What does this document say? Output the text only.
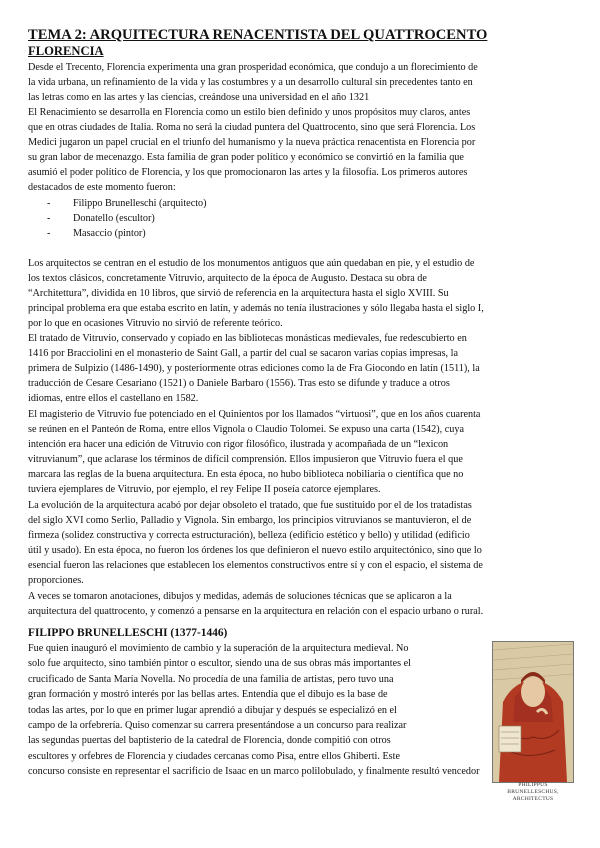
TEMA 2: ARQUITECTURA RENACENTISTA DEL QUATTROCENTO
FLORENCIA

Desde el Trecento, Florencia experimenta una gran prosperidad económica, que condujo a un florecimiento de

la vida urbana, un refinamiento de la vida y las costumbres y a un desarrollo cultural sin precedentes tanto en

las letras como en las artes y las ciencias, creándose una universidad en el año 1321

El Renacimiento se desarrolla en Florencia como un estilo bien definido y unos propósitos muy claros, antes

que en otras ciudades de Italia. Roma no será la ciudad puntera del Quattrocento, sino que será Florencia. Los

Medici jugaron un papel crucial en el triunfo del humanismo y la nueva práctica renacentista en Florencia por

su gran labor de mecenazgo. Esta familia de gran poder político y económico se convirtió en la familia que

asumió el poder político de Florencia, y los que promocionaron las artes y la filosofía. Los primeros autores

destacados de este momento fueron:

- Filippo Brunelleschi (arquitecto)
- Donatello (escultor)
- Masaccio (pintor)

Los arquitectos se centran en el estudio de los monumentos antiguos que aún quedaban en pie, y el estudio de

los textos clásicos, concretamente Vitruvio, arquitecto de la época de Augusto. Destaca su obra de

“Architettura”, dividida en 10 libros, que sirvió de referencia en la arquitectura hasta el siglo XVIII. Su

principal problema era que estaba escrito en latín, y además no tenía ilustraciones y sólo llegaba hasta el siglo I,

por lo que en ocasiones Vitruvio no sirvió de referente teórico.

El tratado de Vitruvio, conservado y copiado en las bibliotecas monásticas medievales, fue redescubierto en

1416 por Bracciolini en el monasterio de Saint Gall, a partir del cual se sacaron varias copias impresas, la

primera de Sulpizio (1486-1490), y posteriormente otras ediciones como la de Fra Giocondo en latín (1511), la

traducción de Cesare Cesariano (1521) o Daniele Barbaro (1556). Tras esto se difunde y traduce a otros

idiomas, entre ellos el castellano en 1582.

El magisterio de Vitruvio fue potenciado en el Quinientos por los llamados “virtuosi”, que en los años cuarenta

se reúnen en el Panteón de Roma, entre ellos Vignola o Claudio Tolomei. Se expuso una carta (1542), cuya

intención era hacer una edición de Vitruvio con rigor filosófico, ilustrada y acompañada de un “lexicon

vitruvianum”, que aclarase los términos de difícil comprensión. Ellos impusieron que Vitruvio fuera el que

marcara las reglas de la buena arquitectura. En esta época, no hubo biblioteca nobiliaria o científica que no

tuviera ejemplares de Vitruvio, por ejemplo, el rey Felipe II poseía catorce ejemplares.

La evolución de la arquitectura acabó por dejar obsoleto el tratado, que fue sustituido por el de los tratadistas

del siglo XVI como Serlio, Palladio y Vignola. Sin embargo, los principios vitruvianos se mantuvieron, el de

firmeza (solidez constructiva y correcta estructuración), belleza (edificio estético y bello) y utilidad (edificio

útil y usado). En esta época, no fueron los órdenes los que definieron el nuevo estilo arquitectónico, sino que lo

esencial fueron las relaciones que establecen los elementos constructivos entre sí y con el espacio, el sistema de

proporciones.

A veces se tomaron anotaciones, dibujos y medidas, además de soluciones técnicas que se aplicaron a la

arquitectura del quattrocento, y comenzó a pensarse en la arquitectura en relación con el espacio urbano o rural.

FILIPPO BRUNELLESCHI (1377-1446)

Fue quien inauguró el movimiento de cambio y la superación de la arquitectura medieval. No

solo fue arquitecto, sino también pintor o escultor, siendo una de sus obras más importantes el

crucificado de Santa María Novella. No procedía de una familia de artistas, pero tuvo una

gran formación y mostró interés por las bellas artes. Entendía que el dibujo es la base de

todas las artes, por lo que en primer lugar aprendió a dibujar y después se especializó en el

campo de la orfebrería. Quiso comenzar su carrera presentándose a un concurso para realizar

las segundas puertas del baptisterio de la catedral de Florencia, donde compitió con otros

escultores y orfebres de Florencia y ciudades cercanas como Pisa, entre ellos Ghiberti. Este

concurso consiste en representar el sacrificio de Isaac en un marco polilobulado, y finalmente resultó vencedor

PHILIPPUS BRUNELLESCHUS, ARCHITECTUS
